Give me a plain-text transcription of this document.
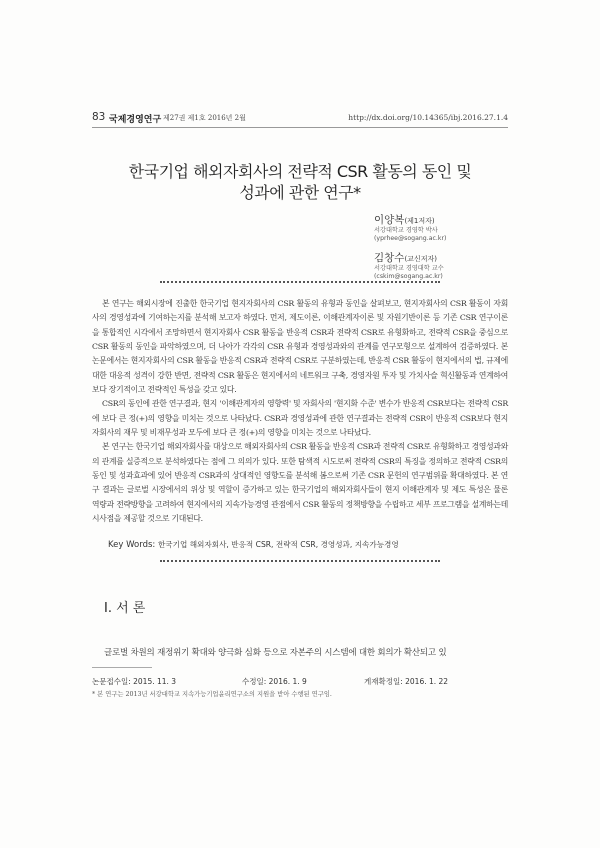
83 국제경영연구 제27권 제1호 2016년 2월	http://dx.doi.org/10.14365/ibj.2016.27.1.4
한국기업 해외자회사의 전략적 CSR 활동의 동인 및
성과에 관한 연구*
이양복(제1저자)
서강대학교 경영학 박사
(yprhee@sogang.ac.kr)
김창수(교신저자)
서강대학교 경영대학 교수
(cskim@sogang.ac.kr)

본 연구는 해외시장에 진출한 한국기업 현지자회사의 CSR 활동의 유형과 동인을 살펴보고, 현지자회사의 CSR 활동이 자회사의 경영성과에 기여하는지를 분석해 보고자 하였다. 먼저, 제도이론, 이해관계자이론 및 자원기반이론 등 기존 CSR 연구이론을 통합적인 시각에서 조망하면서 현지자회사 CSR 활동을 반응적 CSR과 전략적 CSR로 유형화하고, 전략적 CSR을 중심으로 CSR 활동의 동인을 파악하였으며, 더 나아가 각각의 CSR 유형과 경영성과와의 관계를 연구모형으로 설계하여 검증하였다. 본 논문에서는 현지자회사의 CSR 활동을 반응적 CSR과 전략적 CSR로 구분하였는데, 반응적 CSR 활동이 현지에서의 법, 규제에 대한 대응적 성격이 강한 반면, 전략적 CSR 활동은 현지에서의 네트워크 구축, 경영자원 투자 및 가치사슬 혁신활동과 연계하여 보다 장기적이고 전략적인 특성을 갖고 있다.

CSR의 동인에 관한 연구결과, 현지 '이해관계자의 영향력' 및 자회사의 '현지화 수준' 변수가 반응적 CSR보다는 전략적 CSR에 보다 큰 정(+)의 영향을 미치는 것으로 나타났다. CSR과 경영성과에 관한 연구결과는 전략적 CSR이 반응적 CSR보다 현지자회사의 재무 및 비재무성과 모두에 보다 큰 정(+)의 영향을 미치는 것으로 나타났다.

본 연구는 한국기업 해외자회사를 대상으로 해외자회사의 CSR 활동을 반응적 CSR과 전략적 CSR로 유형화하고 경영성과와의 관계를 실증적으로 분석하였다는 점에 그 의의가 있다. 또한 탐색적 시도로써 전략적 CSR의 특징을 정의하고 전략적 CSR의 동인 및 성과효과에 있어 반응적 CSR과의 상대적인 영향도를 분석해 봄으로써 기존 CSR 문헌의 연구범위를 확대하였다. 본 연구 결과는 글로벌 시장에서의 위상 및 역할이 증가하고 있는 한국기업의 해외자회사들이 현지 이해관계자 및 제도 특성은 물론 역량과 전략방향을 고려하여 현지에서의 지속가능경영 관점에서 CSR 활동의 정책방향을 수립하고 세부 프로그램을 설계하는데 시사점을 제공할 것으로 기대된다.

Key Words: 한국기업 해외자회사, 반응적 CSR, 전략적 CSR, 경영성과, 지속가능경영
Ⅰ. 서 론
글로벌 차원의 재정위기 확대와 양극화 심화 등으로 자본주의 시스템에 대한 회의가 확산되고 있
논문접수일: 2015. 11. 3	수정일: 2016. 1. 9	게재확정일: 2016. 1. 22
* 본 연구는 2013년 서강대학교 지속가능기업윤리연구소의 지원을 받아 수행된 연구임.
